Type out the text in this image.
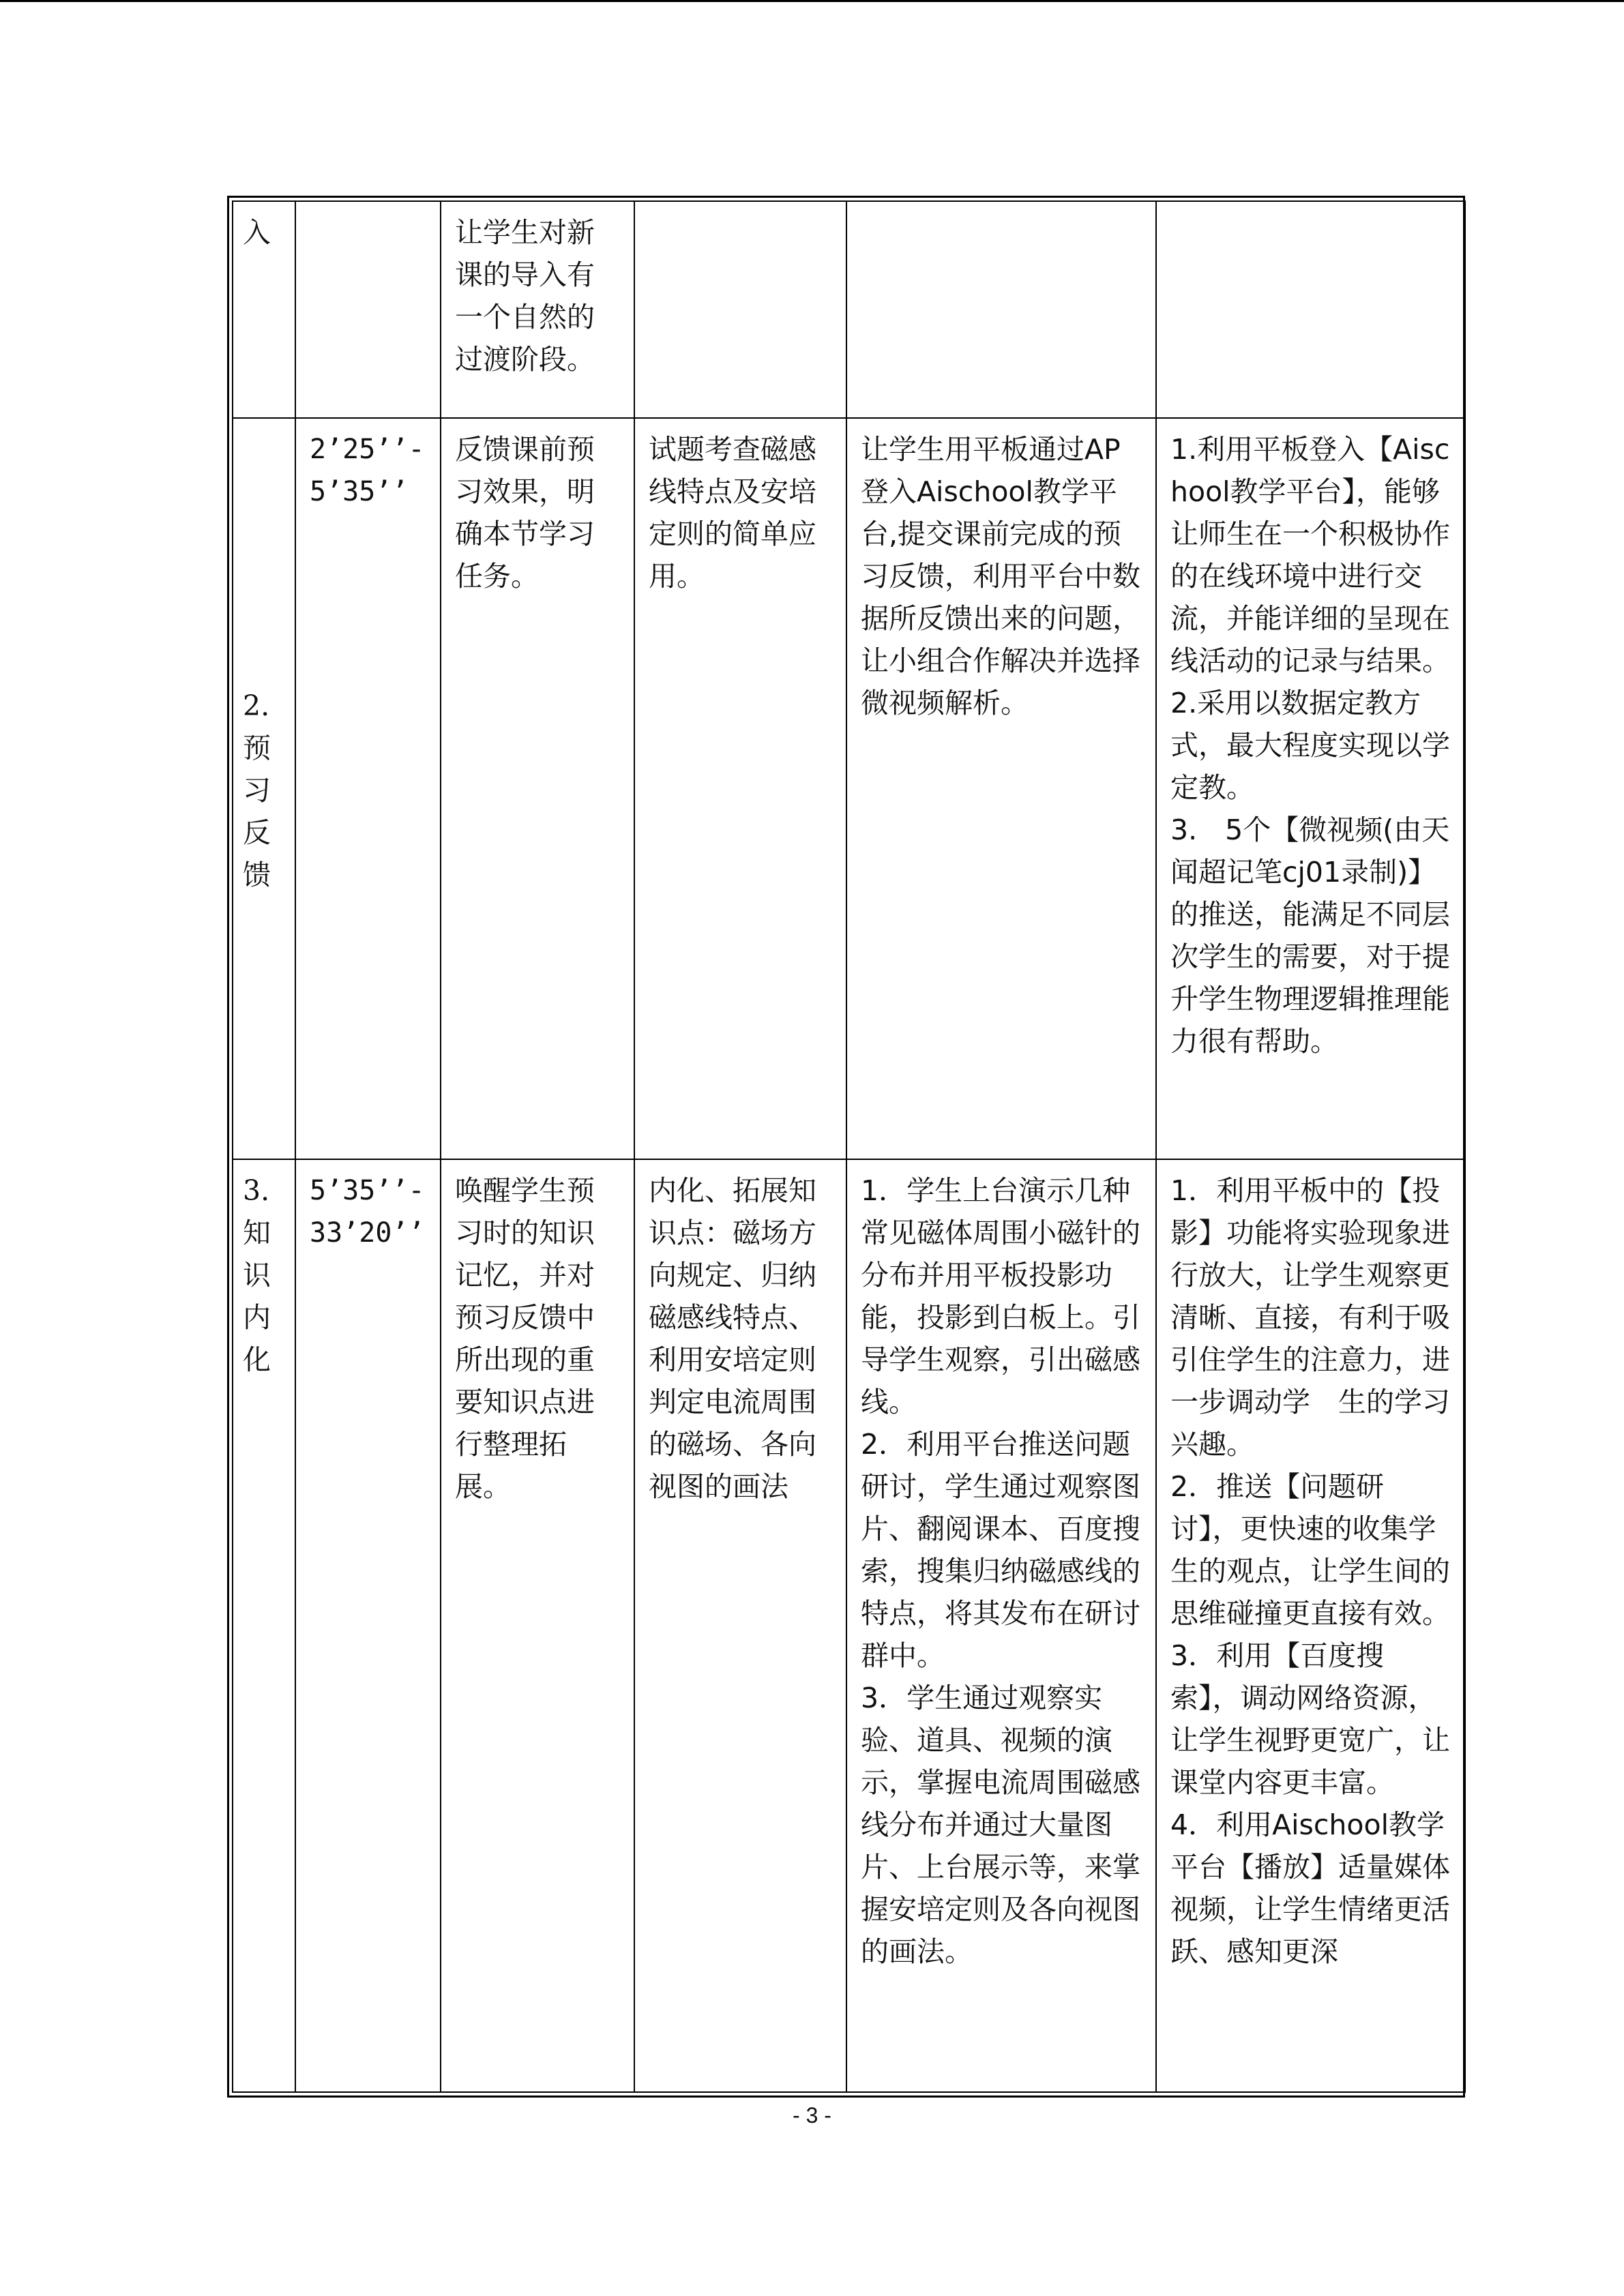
入		让学生对新课的导入有一个自然的过渡阶段。			
2.
预
习
反
馈	2’25’’-
5’35’’	反馈课前预习效果，明确本节学习任务。	试题考查磁感线特点及安培定则的简单应用。	让学生用平板通过AP登入Aischool教学平台,提交课前完成的预习反馈，利用平台中数据所反馈出来的问题，让小组合作解决并选择微视频解析。	1.利用平板登入【Aischool教学平台】，能够让师生在一个积极协作的在线环境中进行交流，并能详细的呈现在线活动的记录与结果。
2.采用以数据定教方式，最大程度实现以学定教。
3.　5个【微视频(由天闻超记笔cj01录制)】的推送，能满足不同层次学生的需要，对于提升学生物理逻辑推理能力很有帮助。
3.
知
识
内
化	5’35’’-
33’20’’	唤醒学生预习时的知识记忆，并对预习反馈中所出现的重要知识点进行整理拓展。	内化、拓展知识点：磁场方向规定、归纳磁感线特点、利用安培定则判定电流周围的磁场、各向视图的画法	1．学生上台演示几种常见磁体周围小磁针的分布并用平板投影功能，投影到白板上。引导学生观察，引出磁感线。
2．利用平台推送问题研讨，学生通过观察图片、翻阅课本、百度搜索，搜集归纳磁感线的特点，将其发布在研讨群中。
3．学生通过观察实验、道具、视频的演示，掌握电流周围磁感线分布并通过大量图片、上台展示等，来掌握安培定则及各向视图的画法。	1．利用平板中的【投影】功能将实验现象进行放大，让学生观察更清晰、直接，有利于吸引住学生的注意力，进一步调动学　生的学习兴趣。
2．推送【问题研讨】，更快速的收集学生的观点，让学生间的思维碰撞更直接有效。
3．利用【百度搜索】，调动网络资源，让学生视野更宽广，让课堂内容更丰富。
4．利用Aischool教学平台【播放】适量媒体视频，让学生情绪更活跃、感知更深
- 3 -
